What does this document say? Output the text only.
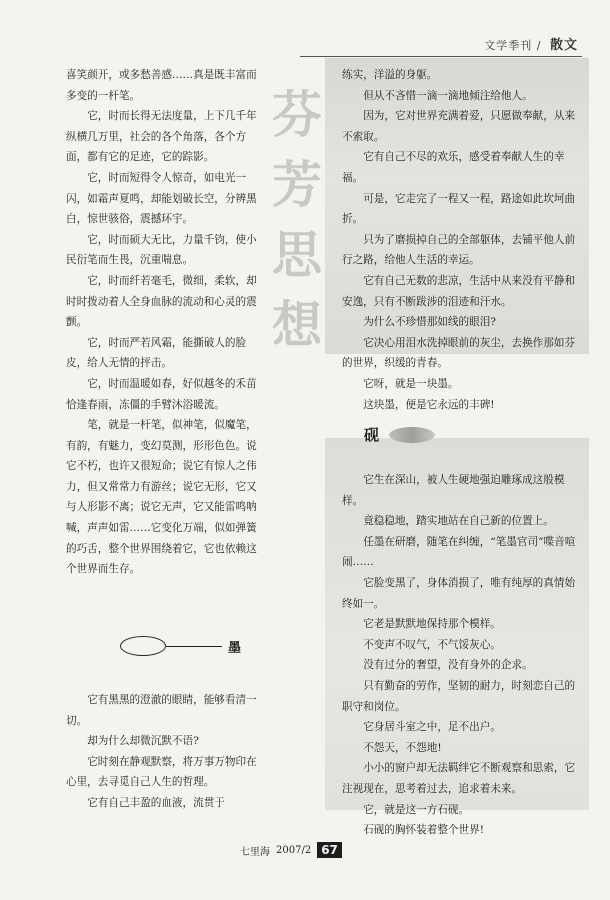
文学季刊 / 散文
芬芳思想

喜笑颜开，或多愁善感……真是既丰富而多变的一杆笔。

它，时而长得无法度量，上下几千年纵横几万里，社会的各个角落，各个方面，都有它的足迹，它的踪影。

它，时而短得令人惊奇，如电光一闪，如霜声夏鸣，却能划破长空，分辨黑白，惊世骇俗，震撼环宇。

它，时而硕大无比，力量千钧，使小民衍笔而生畏，沉重喘息。

它，时而纤若毫毛，微细，柔软，却时时拨动着人全身血脉的流动和心灵的震颤。

它，时而严若风霜，能撕破人的脸皮，给人无情的抨击。

它，时而温暖如春，好似越冬的禾苗恰逢春雨，冻僵的手臂沐浴暖流。

笔，就是一杆笔，似神笔，似魔笔，有韵，有魅力，变幻莫测，形形色色。说它不朽，也许又很短命；说它有惊人之伟力，但又常常力有游丝；说它无形，它又与人形影不离；说它无声，它又能雷鸣呐喊，声声如雷……它变化万端，似如弹簧的巧舌，整个世界围绕着它，它也依赖这个世界而生存。

墨

它有黑黑的澄澈的眼睛，能够看清一切。

却为什么却微沉默不语?

它时刻在静观默察，将万事万物印在心里，去寻觅自己人生的哲理。

它有自己丰盈的血液，流贯于

练实，洋溢的身躯。

但从不吝惜一滴一滴地倾注给他人。

因为，它对世界充满着爱，只愿做奉献，从来不索取。

它有自己不尽的欢乐，感受着奉献人生的幸福。

可是，它走完了一程又一程，路途如此坎坷曲折。

只为了磨损掉自己的全部躯体，去铺平他人前行之路，给他人生活的幸运。

它有自己无数的悲凉，生活中从来没有平静和安逸，只有不断跋涉的泪迹和汗水。

为什么不珍惜那如线的眼泪?

它决心用泪水洗掉眼前的灰尘，去换作那如芬的世界，织缓的青春。

它呀，就是一块墨。

这块墨，便是它永远的丰碑!

砚

它生在深山，被人生硬地强迫雕琢成这般模样。

竟稳稳地，踏实地站在自己新的位置上。

任墨在研磨，随笔在纠缠，“笔墨官司”喋音喧闹……

它脸变黑了，身体消损了，唯有纯厚的真情始终如一。

它老是默默地保持那个模样。

不变声不叹气，不气馁灰心。

没有过分的奢望，没有身外的企求。

只有勤奋的劳作，坚韧的耐力，时刻恋自己的职守和岗位。

它身居斗室之中，足不出户。

不怨天，不怨地!

小小的窗户却无法羁绊它不断观察和思索，它注视现在，思考着过去，追求着未来。

它，就是这一方石砚。

石砚的胸怀装着整个世界!

七里海 2007/2 67
